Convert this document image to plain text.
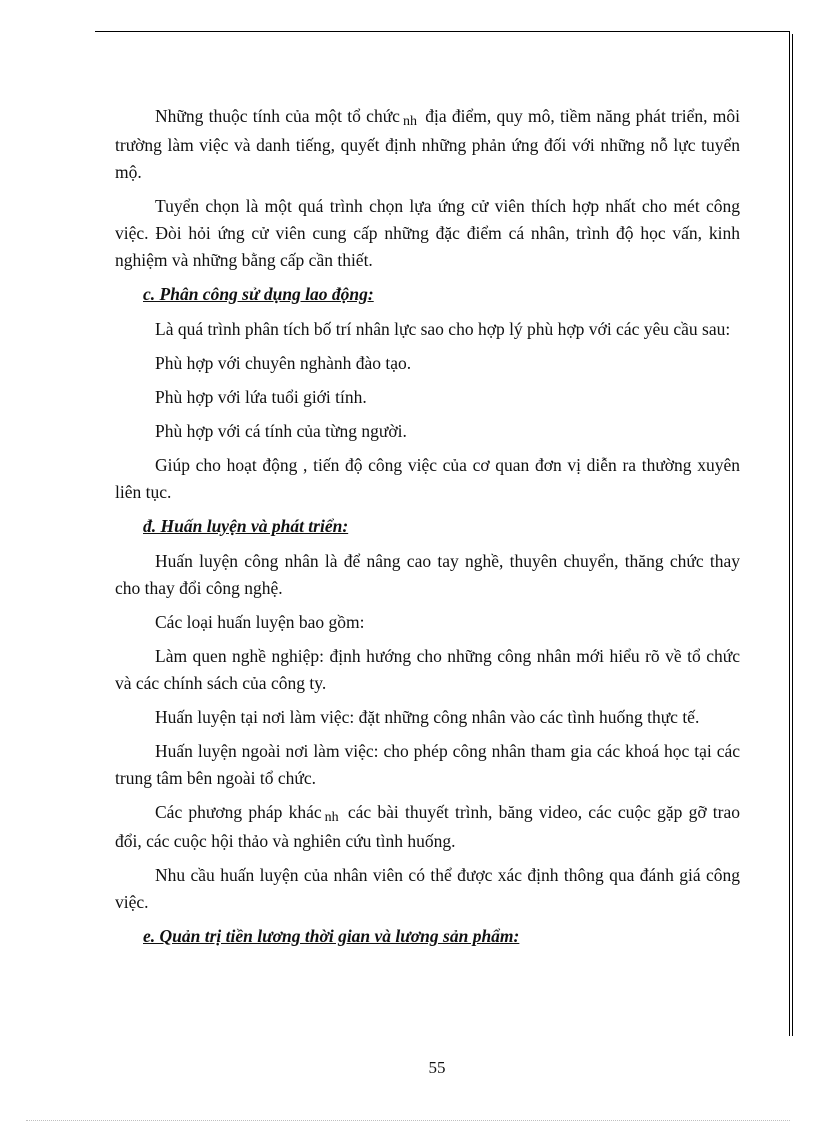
Những thuộc tính của một tổ chức nh địa điểm, quy mô, tiềm năng phát triển, môi trường làm việc và danh tiếng, quyết định những phản ứng đối với những nỗ lực tuyển mộ.

Tuyển chọn là một quá trình chọn lựa ứng cử viên thích hợp nhất cho mét công việc. Đòi hỏi ứng cử viên cung cấp những đặc điểm cá nhân, trình độ học vấn, kinh nghiệm và những bằng cấp cần thiết.

c. Phân công sử dụng lao động:

Là quá trình phân tích bố trí nhân lực sao cho hợp lý phù hợp với các yêu cầu sau:

Phù hợp với chuyên nghành đào tạo.

Phù hợp với lứa tuổi giới tính.

Phù hợp với cá tính của từng người.

Giúp cho hoạt động , tiến độ công việc của cơ quan đơn vị diễn ra thường xuyên liên tục.

đ. Huấn luyện và phát triển:

Huấn luyện công nhân là để nâng cao tay nghề, thuyên chuyển, thăng chức thay cho thay đổi công nghệ.

Các loại huấn luyện bao gồm:

Làm quen nghề nghiệp: định hướng cho những công nhân mới hiểu rõ về tổ chức và các chính sách của công ty.

Huấn luyện tại nơi làm việc: đặt những công nhân vào các tình huống thực tế.

Huấn luyện ngoài nơi làm việc: cho phép công nhân tham gia các khoá học tại các trung tâm bên ngoài tổ chức.

Các phương pháp khác nh các bài thuyết trình, băng video, các cuộc gặp gỡ trao đổi, các cuộc hội thảo và nghiên cứu tình huống.

Nhu cầu huấn luyện của nhân viên có thể được xác định thông qua đánh giá công việc.

e. Quản trị tiền lương thời gian và lương sản phẩm:

55
